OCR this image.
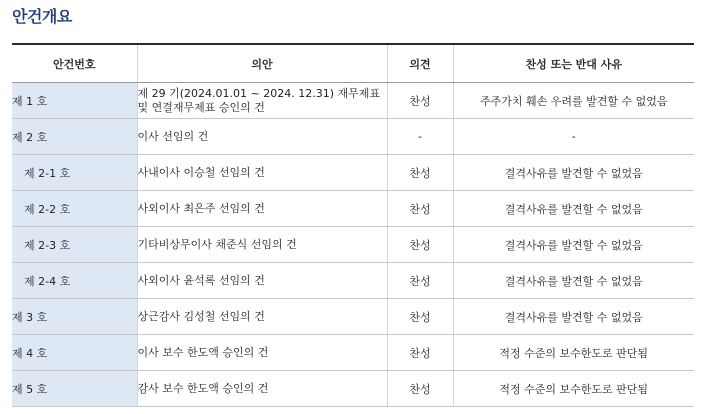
안건개요
안건번호	의안	의견	찬성 또는 반대 사유
제 1 호	제 29 기(2024.01.01 ~ 2024. 12.31) 재무제표 및 연결재무제표 승인의 건	찬성	주주가치 훼손 우려를 발견할 수 없었음
제 2 호	이사 선임의 건	-	-
제 2-1 호	사내이사 이승철 선임의 건	찬성	결격사유를 발견할 수 없었음
제 2-2 호	사외이사 최은주 선임의 건	찬성	결격사유를 발견할 수 없었음
제 2-3 호	기타비상무이사 채준식 선임의 건	찬성	결격사유를 발견할 수 없었음
제 2-4 호	사외이사 윤석록 선임의 건	찬성	결격사유를 발견할 수 없었음
제 3 호	상근감사 김성철 선임의 건	찬성	결격사유를 발견할 수 없었음
제 4 호	이사 보수 한도액 승인의 건	찬성	적정 수준의 보수한도로 판단됨
제 5 호	감사 보수 한도액 승인의 건	찬성	적정 수준의 보수한도로 판단됨
